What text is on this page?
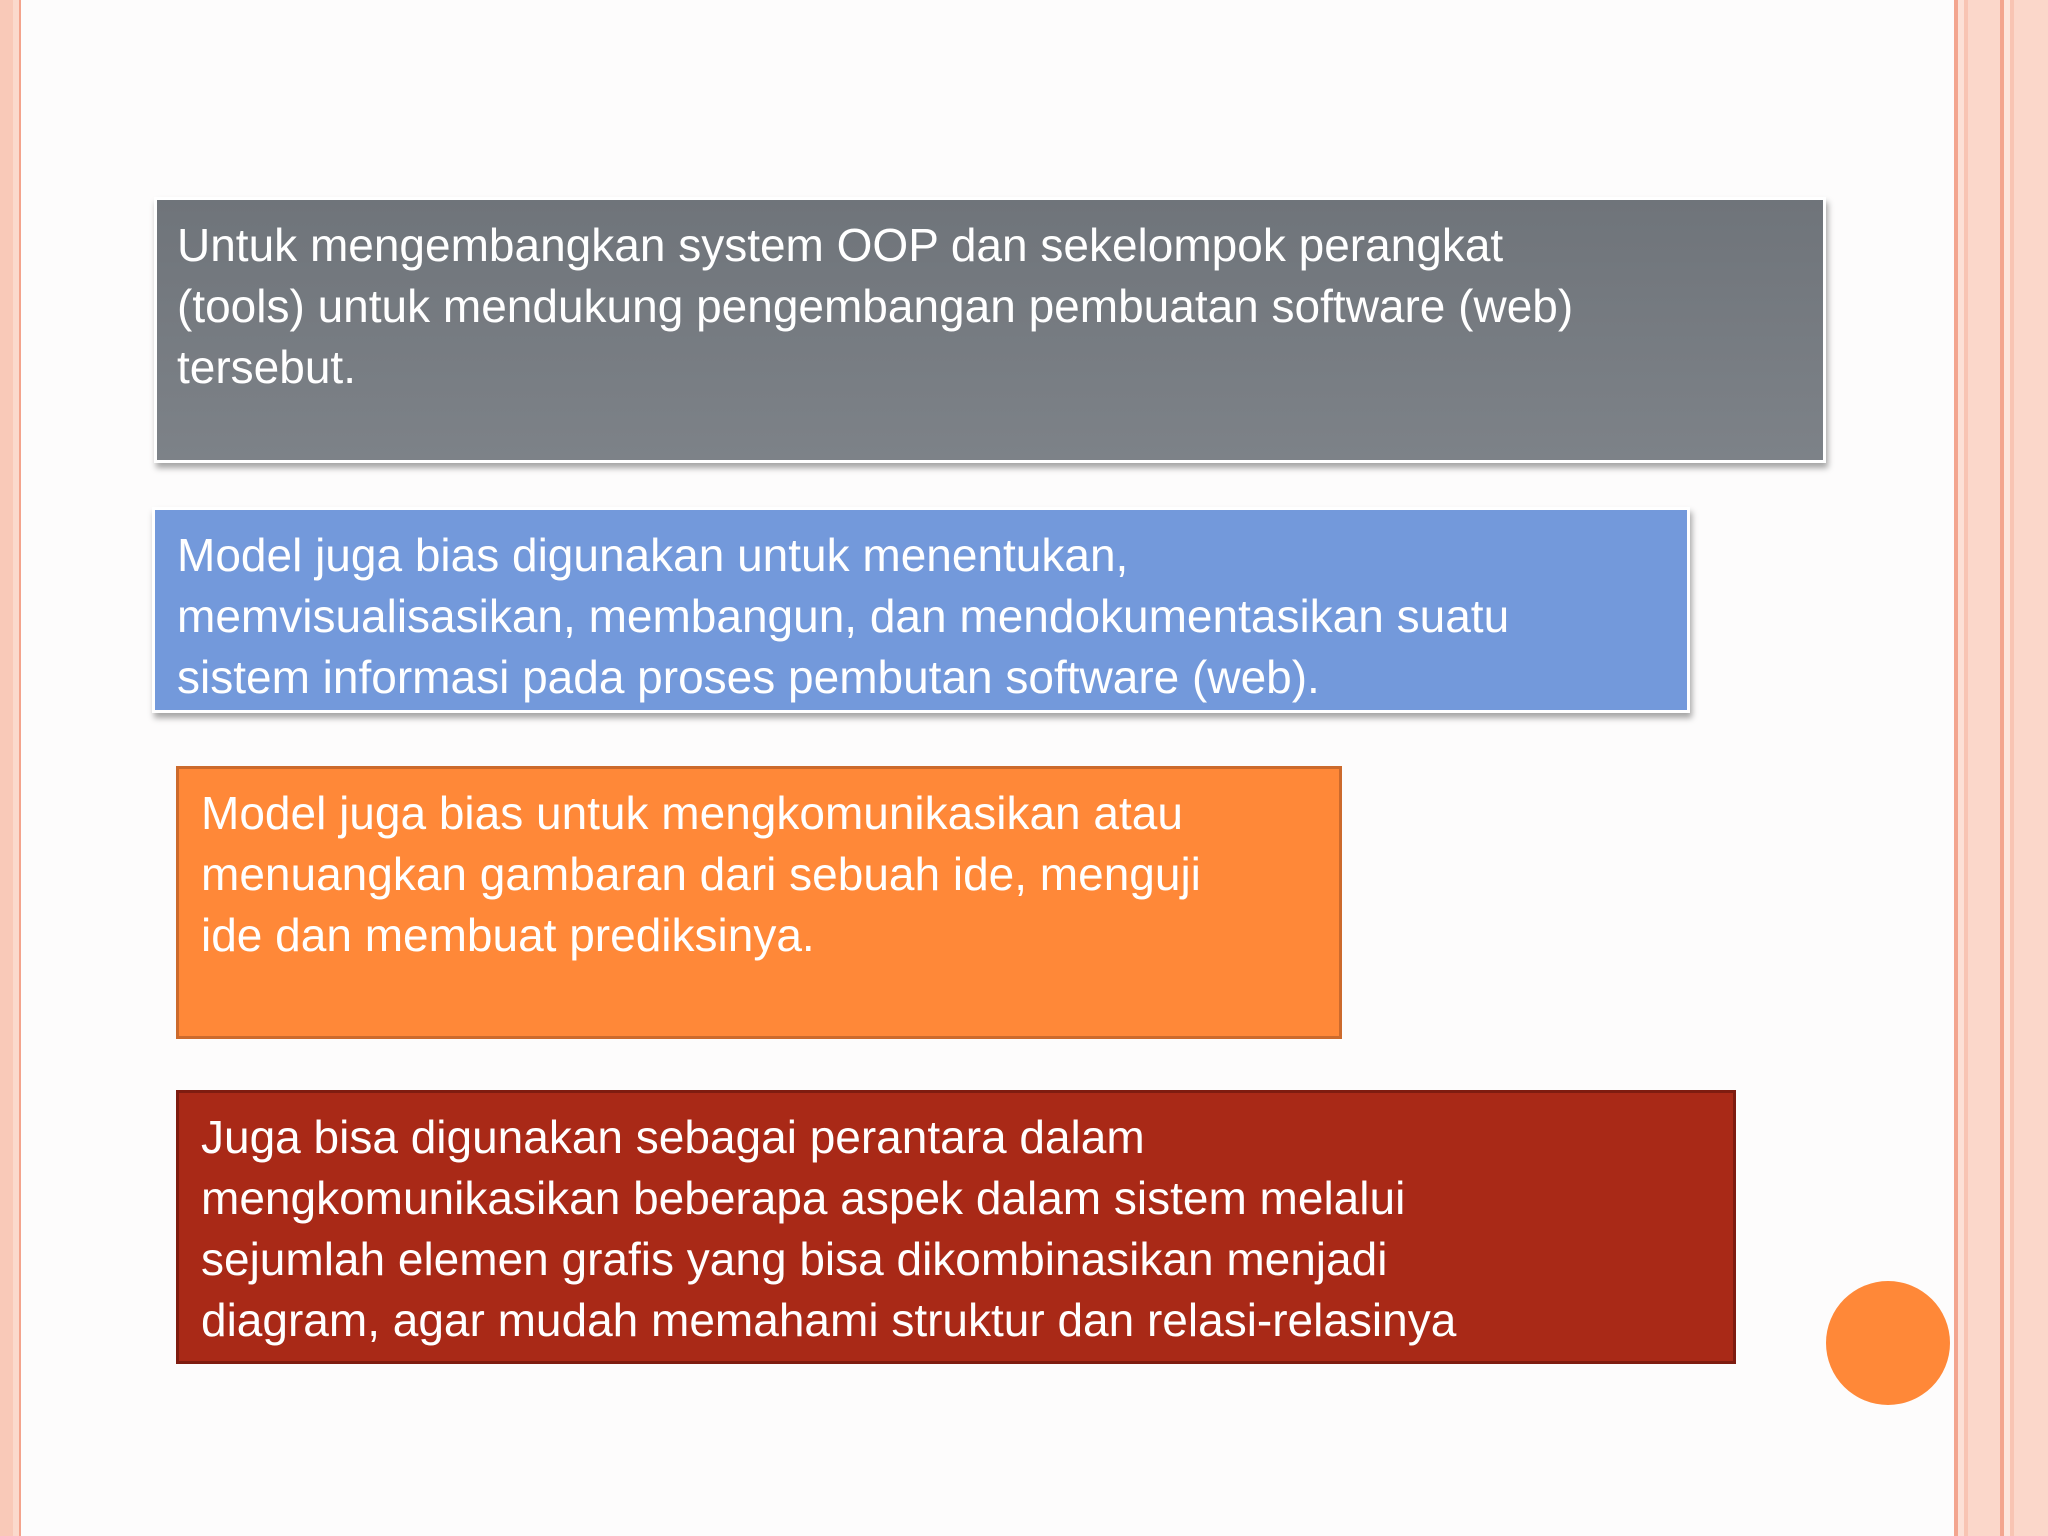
Untuk mengembangkan system OOP dan sekelompok perangkat
(tools) untuk mendukung pengembangan pembuatan software (web)
tersebut.
Model juga bias digunakan untuk menentukan,
memvisualisasikan, membangun, dan mendokumentasikan suatu
sistem informasi pada proses pembutan software (web).
Model juga bias untuk mengkomunikasikan atau
menuangkan gambaran dari sebuah ide, menguji
ide dan membuat prediksinya.
Juga bisa digunakan sebagai perantara dalam
mengkomunikasikan beberapa aspek dalam sistem melalui
sejumlah elemen grafis yang bisa dikombinasikan menjadi
diagram, agar mudah memahami struktur dan relasi-relasinya
